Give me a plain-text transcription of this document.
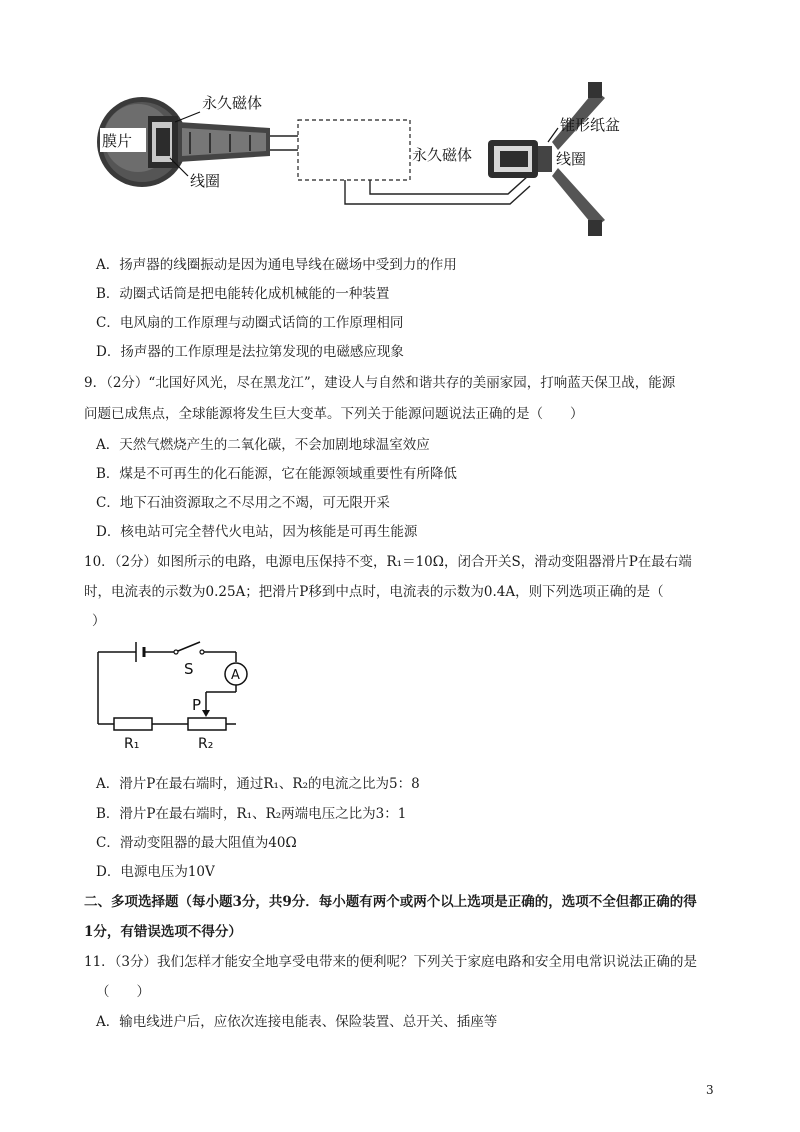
膜片
永久磁体
线圈
永久磁体
锥形纸盆
线圈
A．扬声器的线圈振动是因为通电导线在磁场中受到力的作用
B．动圈式话筒是把电能转化成机械能的一种装置
C．电风扇的工作原理与动圈式话筒的工作原理相同
D．扬声器的工作原理是法拉第发现的电磁感应现象
9．（2分）“北国好风光，尽在黑龙江”，建设人与自然和谐共存的美丽家园，打响蓝天保卫战，能源
问题已成焦点，全球能源将发生巨大变革。下列关于能源问题说法正确的是（　　）
A．天然气燃烧产生的二氧化碳，不会加剧地球温室效应
B．煤是不可再生的化石能源，它在能源领域重要性有所降低
C．地下石油资源取之不尽用之不竭，可无限开采
D．核电站可完全替代火电站，因为核能是可再生能源
10．（2分）如图所示的电路，电源电压保持不变，R₁＝10Ω，闭合开关S，滑动变阻器滑片P在最右端
时，电流表的示数为0.25A；把滑片P移到中点时，电流表的示数为0.4A，则下列选项正确的是（
）
S	A
P
R₁	R₂
A．滑片P在最右端时，通过R₁、R₂的电流之比为5：8
B．滑片P在最右端时，R₁、R₂两端电压之比为3：1
C．滑动变阻器的最大阻值为40Ω
D．电源电压为10V
二、多项选择题（每小题3分，共9分．每小题有两个或两个以上选项是正确的，选项不全但都正确的得
1分，有错误选项不得分）
11．（3分）我们怎样才能安全地享受电带来的便利呢？下列关于家庭电路和安全用电常识说法正确的是
（　　）
A．输电线进户后，应依次连接电能表、保险装置、总开关、插座等
3
